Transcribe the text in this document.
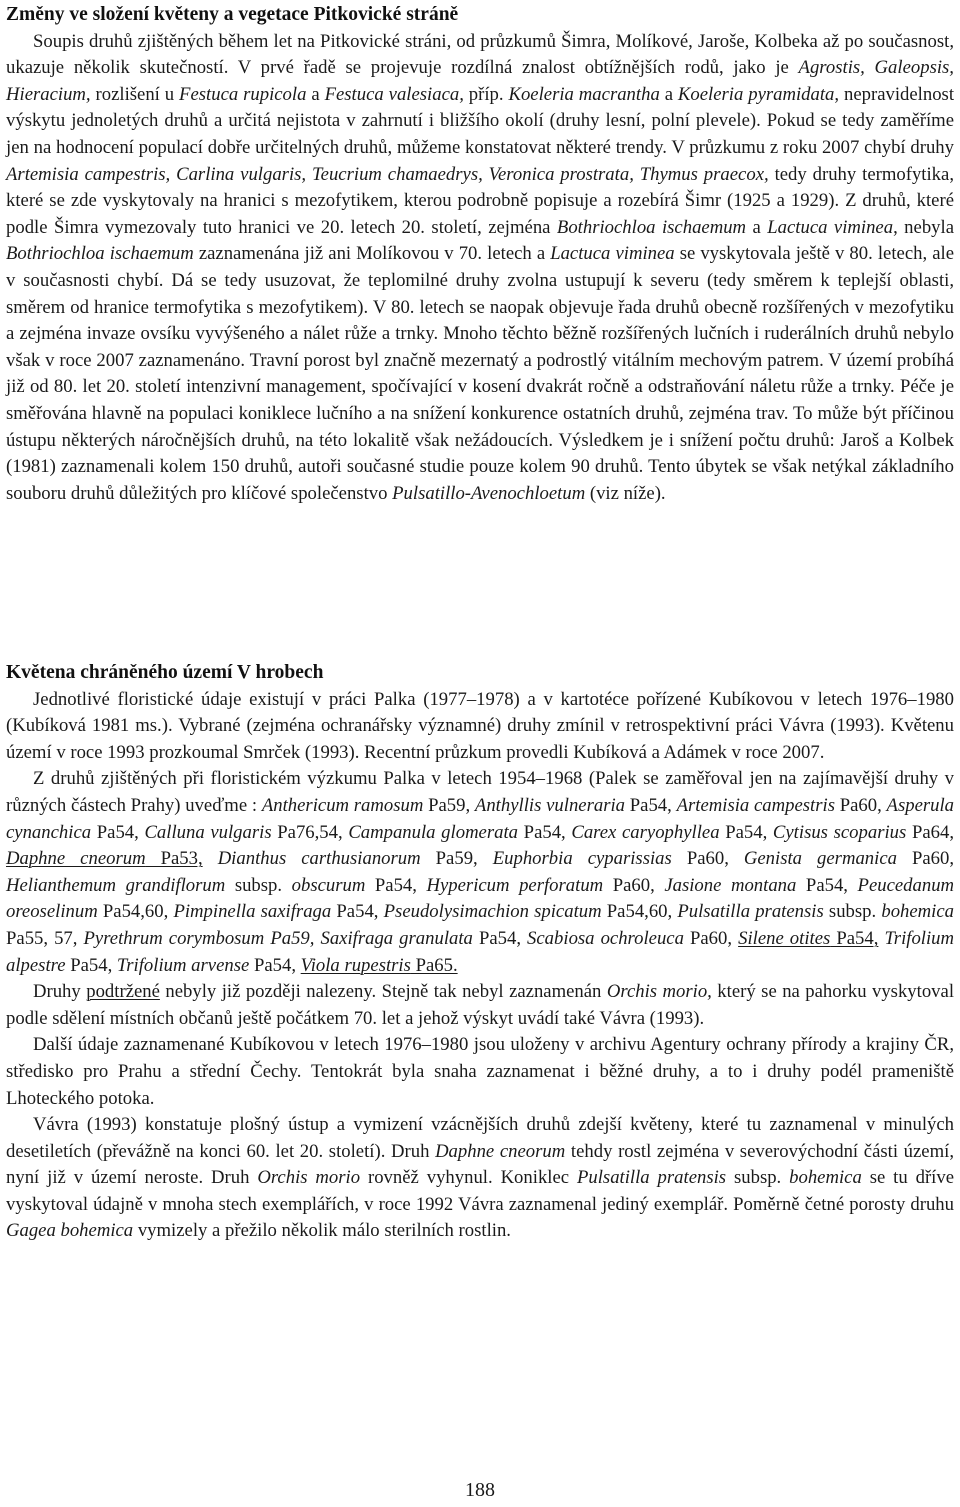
Změny ve složení květeny a vegetace Pitkovické stráně

Soupis druhů zjištěných během let na Pitkovické stráni, od průzkumů Šimra, Molíkové, Jaroše, Kolbeka až po současnost, ukazuje několik skutečností. V prvé řadě se projevuje rozdílná znalost obtížnějších rodů, jako je Agrostis, Galeopsis, Hieracium, rozlišení u Festuca rupicola a Festuca valesiaca, příp. Koeleria macrantha a Koeleria pyramidata, nepravidelnost výskytu jednoletých druhů a určitá nejistota v zahrnutí i bližšího okolí (druhy lesní, polní plevele). Pokud se tedy zaměříme jen na hodnocení populací dobře určitelných druhů, můžeme konstatovat některé trendy. V průzkumu z roku 2007 chybí druhy Artemisia campestris, Carlina vulgaris, Teucrium chamaedrys, Veronica prostrata, Thymus praecox, tedy druhy termofytika, které se zde vyskytovaly na hranici s mezofytikem, kterou podrobně popisuje a rozebírá Šimr (1925 a 1929). Z druhů, které podle Šimra vymezovaly tuto hranici ve 20. letech 20. století, zejména Bothriochloa ischaemum a Lactuca viminea, nebyla Bothriochloa ischaemum zaznamenána již ani Molíkovou v 70. letech a Lactuca viminea se vyskytovala ještě v 80. letech, ale v současnosti chybí. Dá se tedy usuzovat, že teplomilné druhy zvolna ustupují k severu (tedy směrem k teplejší oblasti, směrem od hranice termofytika s mezofytikem). V 80. letech se naopak objevuje řada druhů obecně rozšířených v mezofytiku a zejména invaze ovsíku vyvýšeného a nálet růže a trnky. Mnoho těchto běžně rozšířených lučních i ruderálních druhů nebylo však v roce 2007 zaznamenáno. Travní porost byl značně mezernatý a podrostlý vitálním mechovým patrem. V území probíhá již od 80. let 20. století intenzivní management, spočívající v kosení dvakrát ročně a odstraňování náletu růže a trnky. Péče je směřována hlavně na populaci koniklece lučního a na snížení konkurence ostatních druhů, zejména trav. To může být příčinou ústupu některých náročnějších druhů, na této lokalitě však nežádoucích. Výsledkem je i snížení počtu druhů: Jaroš a Kolbek (1981) zaznamenali kolem 150 druhů, autoři současné studie pouze kolem 90 druhů. Tento úbytek se však netýkal základního souboru druhů důležitých pro klíčové společenstvo Pulsatillo-Avenochloetum (viz níže).

Květena chráněného území V hrobech

Jednotlivé floristické údaje existují v práci Palka (1977–1978) a v kartotéce pořízené Kubíkovou v letech 1976–1980 (Kubíková 1981 ms.). Vybrané (zejména ochranářsky významné) druhy zmínil v retrospektivní práci Vávra (1993). Květenu území v roce 1993 prozkoumal Smrček (1993). Recentní průzkum provedli Kubíková a Adámek v roce 2007.

Z druhů zjištěných při floristickém výzkumu Palka v letech 1954–1968 (Palek se zaměřoval jen na zajímavější druhy v různých částech Prahy) uveďme : Anthericum ramosum Pa59, Anthyllis vulneraria Pa54, Artemisia campestris Pa60, Asperula cynanchica Pa54, Calluna vulgaris Pa76,54, Campanula glomerata Pa54, Carex caryophyllea Pa54, Cytisus scoparius Pa64, Daphne cneorum Pa53, Dianthus carthusianorum Pa59, Euphorbia cyparissias Pa60, Genista germanica Pa60, Helianthemum grandiflorum subsp. obscurum Pa54, Hypericum perforatum Pa60, Jasione montana Pa54, Peucedanum oreoselinum Pa54,60, Pimpinella saxifraga Pa54, Pseudolysimachion spicatum Pa54,60, Pulsatilla pratensis subsp. bohemica Pa55, 57, Pyrethrum corymbosum Pa59, Saxifraga granulata Pa54, Scabiosa ochroleuca Pa60, Silene otites Pa54, Trifolium alpestre Pa54, Trifolium arvense Pa54, Viola rupestris Pa65.

Druhy podtržené nebyly již později nalezeny. Stejně tak nebyl zaznamenán Orchis morio, který se na pahorku vyskytoval podle sdělení místních občanů ještě počátkem 70. let a jehož výskyt uvádí také Vávra (1993).

Další údaje zaznamenané Kubíkovou v letech 1976–1980 jsou uloženy v archivu Agentury ochrany přírody a krajiny ČR, středisko pro Prahu a střední Čechy. Tentokrát byla snaha zaznamenat i běžné druhy, a to i druhy podél prameniště Lhoteckého potoka.

Vávra (1993) konstatuje plošný ústup a vymizení vzácnějších druhů zdejší květeny, které tu zaznamenal v minulých desetiletích (převážně na konci 60. let 20. století). Druh Daphne cneorum tehdy rostl zejména v severovýchodní části území, nyní již v území neroste. Druh Orchis morio rovněž vyhynul. Koniklec Pulsatilla pratensis subsp. bohemica se tu dříve vyskytoval údajně v mnoha stech exemplářích, v roce 1992 Vávra zaznamenal jediný exemplář. Poměrně četné porosty druhu Gagea bohemica vymizely a přežilo několik málo sterilních rostlin.

188
